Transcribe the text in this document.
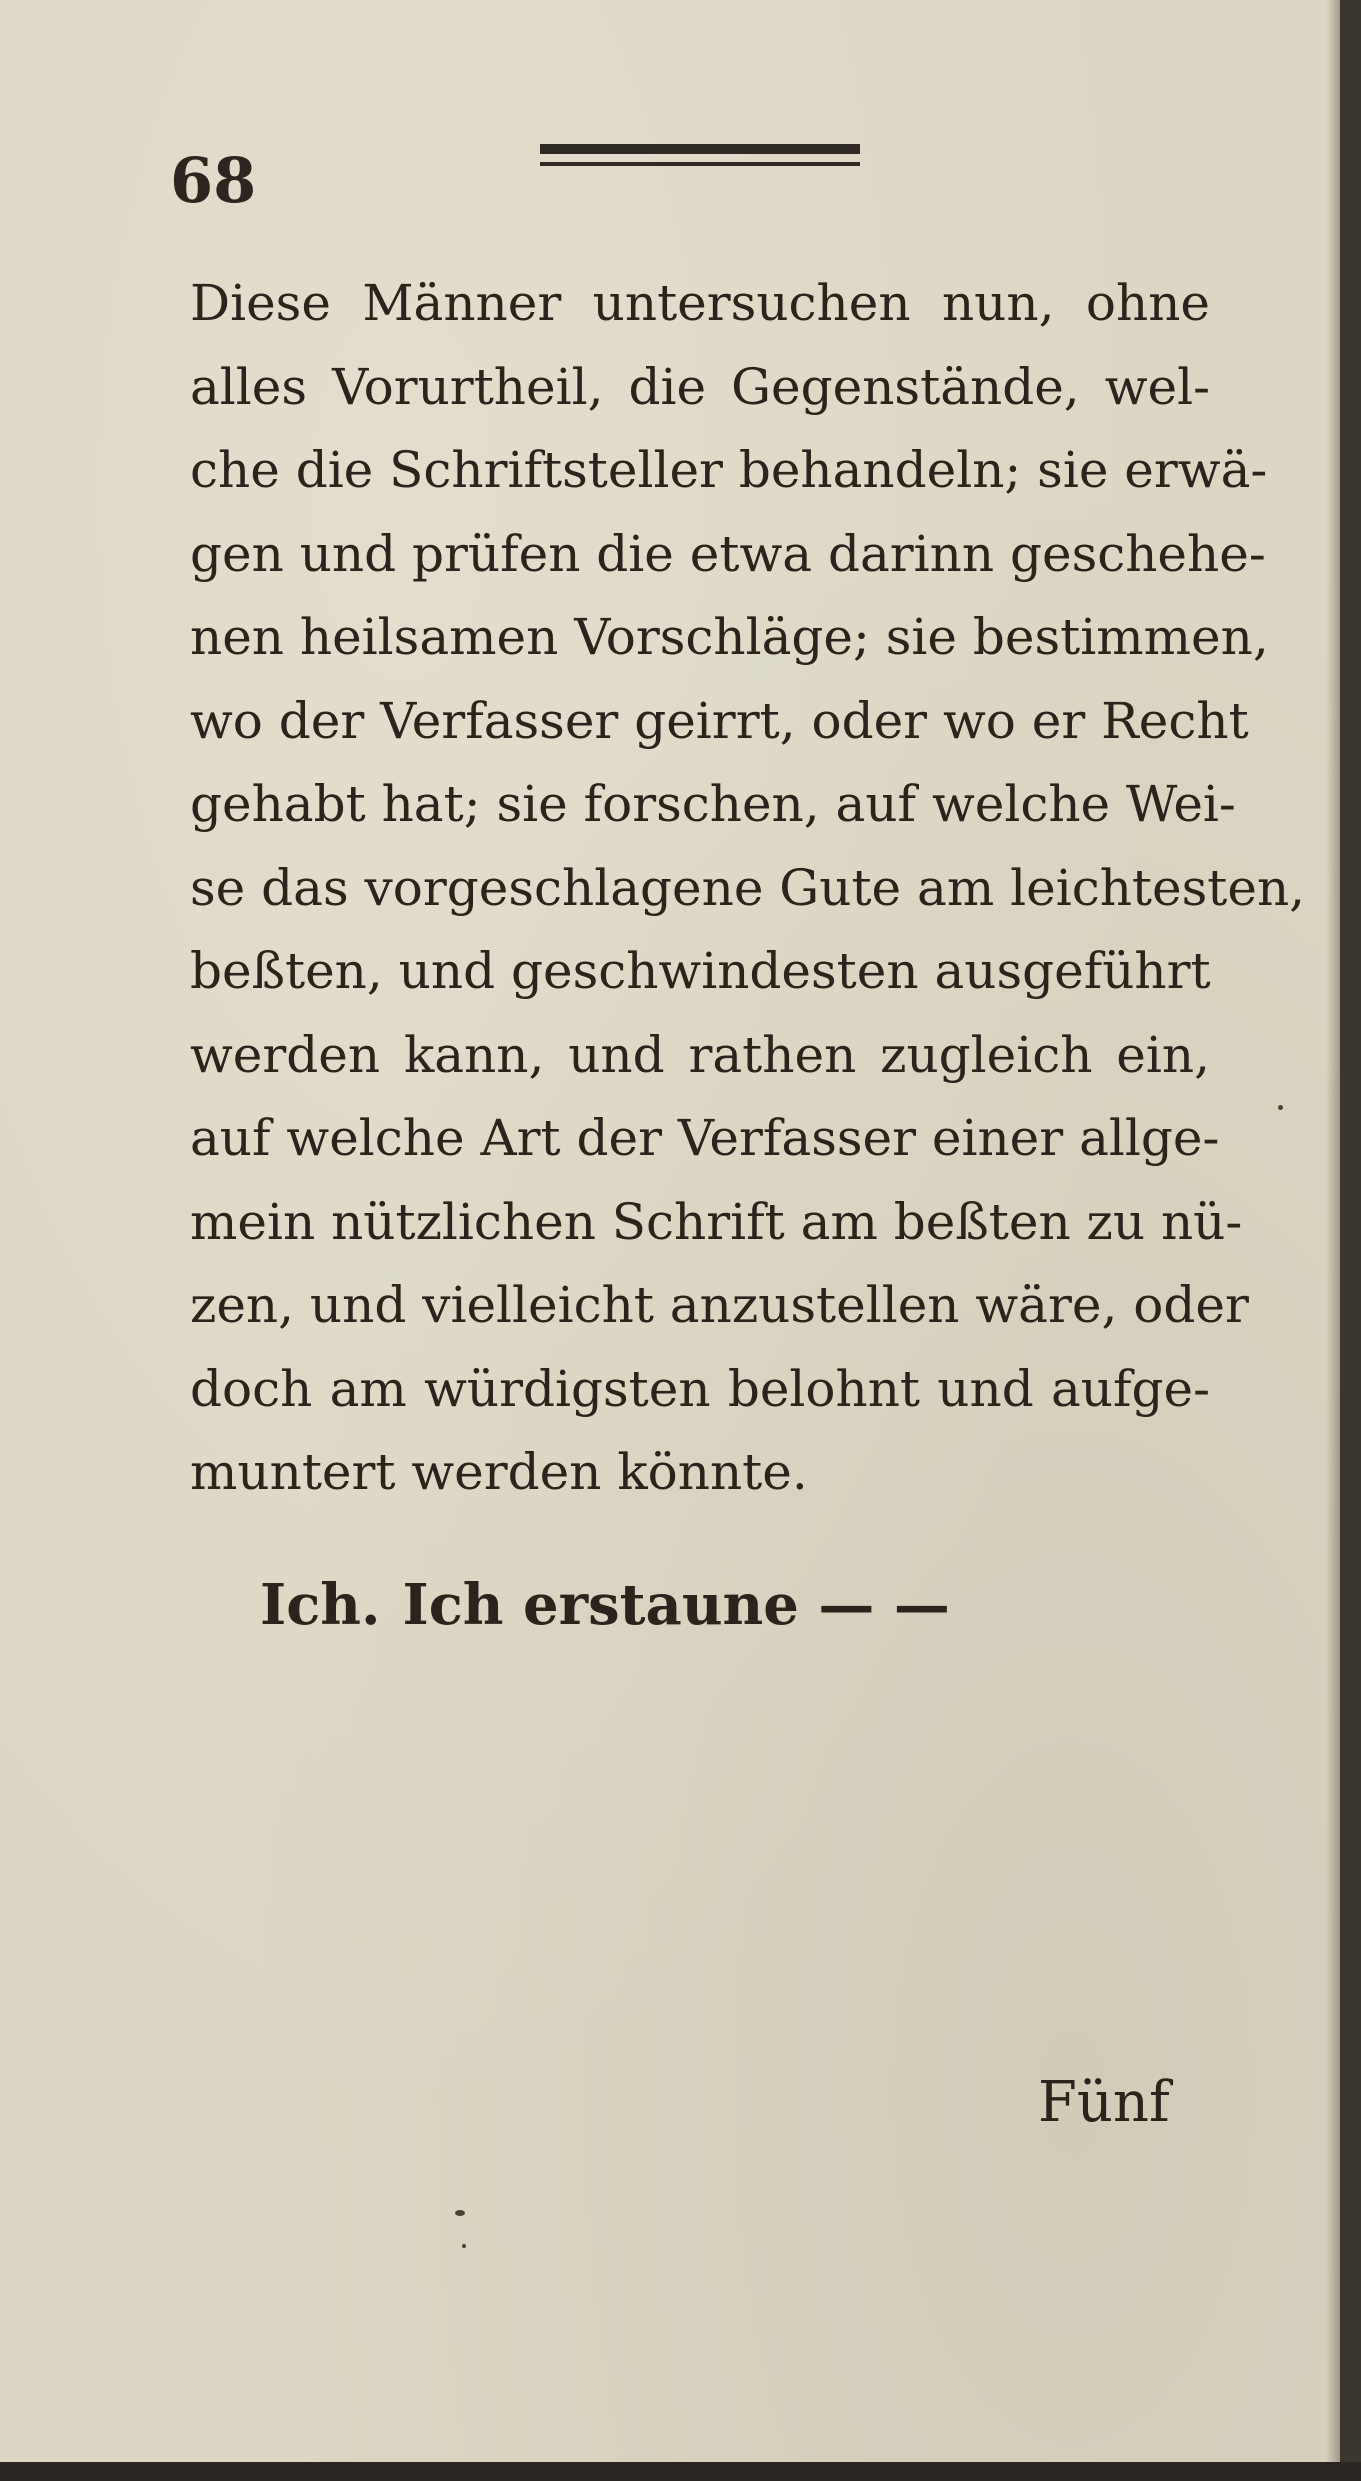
68
Diese Männer untersuchen nun, ohne
alles Vorurtheil, die Gegenstände, wel-
che die Schriftsteller behandeln; sie erwä-
gen und prüfen die etwa darinn geschehe-
nen heilsamen Vorschläge; sie bestimmen,
wo der Verfasser geirrt, oder wo er Recht
gehabt hat; sie forschen, auf welche Wei-
se das vorgeschlagene Gute am leichtesten,
beßten, und geschwindesten ausgeführt
werden kann, und rathen zugleich ein,
auf welche Art der Verfasser einer allge-
mein nützlichen Schrift am beßten zu nü-
zen, und vielleicht anzustellen wäre, oder
doch am würdigsten belohnt und aufge-
muntert werden könnte.
Ich. Ich erstaune — —
Fünf
